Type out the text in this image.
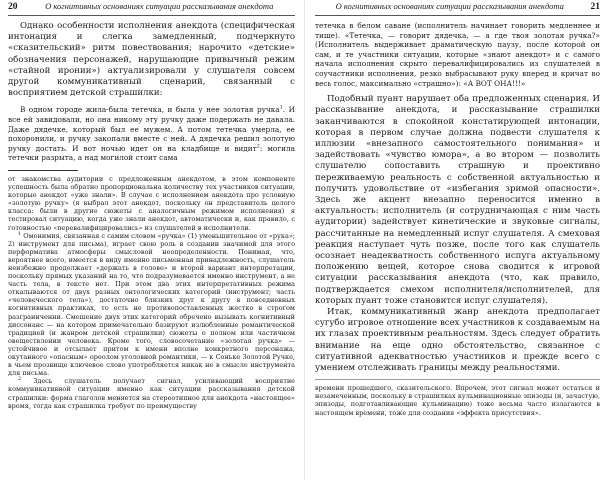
20	О когнитивных основаниях ситуации рассказывания анекдота

Однако особенности исполнения анекдота (специфическая интонация и слегка замедленный, подчеркнуто «сказительский» ритм повествования; нарочито «детские» обозначения персонажей, нарушающие привычный режим «стайной иронии») актуализировали у слушателя совсем другой коммуникативный сценарий, связанный с восприятием детской страшилки:

В одном городе жила-была тетечка, и была у нее золотая ручка$^1$. И все ей завидовали, но она никому эту ручку даже подержать не давала. Даже дядечке, который был ее мужем. А потом тетечка умерла, ее похоронили, и ручку закопали вместе с ней. А дядечка решил золотую ручку достать. И вот ночью идет он на кладбище и видит$^2$: могила тетечки разрыта, а над могилой стоит сама

от знакомства аудитории с предложенным анекдотом, в этом компоненте успешность была обратно пропорциональна количеству тех участников ситуации, которые анекдот «уже знали». В случае с исполнением анекдота про условную «золотую ручку» (я выбрал этот анекдот, поскольку он представитель целого класса: были в другие сюжеты с аналогичным режимом исполнения) я тестировал ситуацию, когда уже знали анекдот, автоматически и, как правило, с готовностью «перевалифицировались» из слушателей в исполнители.

$^1$ Омонимия, связанная с самим словом «ручка» (1) уменьшительное от «рука»; 2) инструмент для письма), играет свою роль в создании значимой для этого перформатива атмосферы смысловой неопределенности. Понимая, что, вероятнее всего, имеется в виду именно письменная принадлежность, слушатель неизбежно продолжает «держать в голове» и второй вариант интерпретации, поскольку прямых указаний на то, что подразумевается именно инструмент, а не часть тела, в тексте нет. При этом два этих интерпретативных режима откалываются от двух разных онтологических категорий (инструмент; часть «человеческого тела»), достаточно близких друг к другу в повседневных когнитивных практиках, то есть не противопоставленных жестко в строгом разграничении. Смешение двух этих категорий обречено вызывать когнитивный диссонанс — на котором примечательно базируют излюбленные романтической традицией (и жанром детской страшилки) сюжеты о полном или частичном овеществлении человека. Кроме того, словосочетание «золотая ручка» — устойчивое и отсылает притом к имени вполне конкретного персонажа, окутанного «опасным» ореолом уголовной романтики, — к Соньке Золотой Ручке, в чьем прозвище ключевое слово употребляется никак не в смысле инструмента для письма.

$^2$ Здесь слушатель получает сигнал, усиливающий восприятие коммуникативной ситуации именно как ситуации рассказывания детской страшилки: форма глаголов меняется на стереотипное для анекдота «настоящее» время, тогда как страшилка требует по преимуществу

О когнитивных основаниях ситуации рассказывания анекдота	21

тетечка в белом саване (исполнитель начинает говорить медленнее и тише). «Тетечка, — говорит дядечка, — а где твоя золотая ручка?» (Исполнитель выдерживает драматическую паузу, после которой он сам, и те участники ситуации, которые «знают анекдот» и с самого начала исполнения скрыто перевалифицировались из слушателей в соучастники исполнения, резко выбрасывают руку вперед и кричат во весь голос, максимально «страшно»): «А ВОТ ОНА!!!»

Подобный пуант нарушает оба предложенных сценария. И рассказывание анекдота, и рассказывание страшилки заканчиваются в спокойной констатирующей интонации, которая в первом случае должна подвести слушателя к иллюзии «внезапного самостоятельного понимания» и задействовать «чувство юмора», а во втором — позволить слушателю сопоставить страшную и проективно переживаемую реальность с собственной актуальностью и получить удовольствие от «избегания зримой опасности». Здесь же акцент внезапно переносится именно в актуальность: исполнитель (и сотрудничающая с ним часть аудитории) задействует кинетические и звуковые сигналы, рассчитанные на немедленный испуг слушателя. А смеховая реакция наступает чуть позже, после того как слушатель осознает неадекватность собственного испуга актуальному положению вещей, которое снова сводится к игровой ситуации рассказывания анекдота (что, как правило, подтверждается смехом исполнителя/исполнителей, для которых пуант тоже становится испуг слушателя).

Итак, коммуникативный жанр анекдота предполагает сугубо игровое отношение всех участников к создаваемым на их глазах проективным реальностям. Здесь следует обратить внимание на еще одно обстоятельство, связанное с ситуативной адекватностью участников и прежде всего с умением отслеживать границы между реальностями.

времени прошедшего, сказительского. Впрочем, этот сигнал может остаться и незамеченным, поскольку в страшилках кульминационные эпизоды (и, зачастую, эпизоды, подготавливающие кульминацию) тоже весьма часто излагаются в настоящем времени, тоже для создания «эффекта присутствия».
